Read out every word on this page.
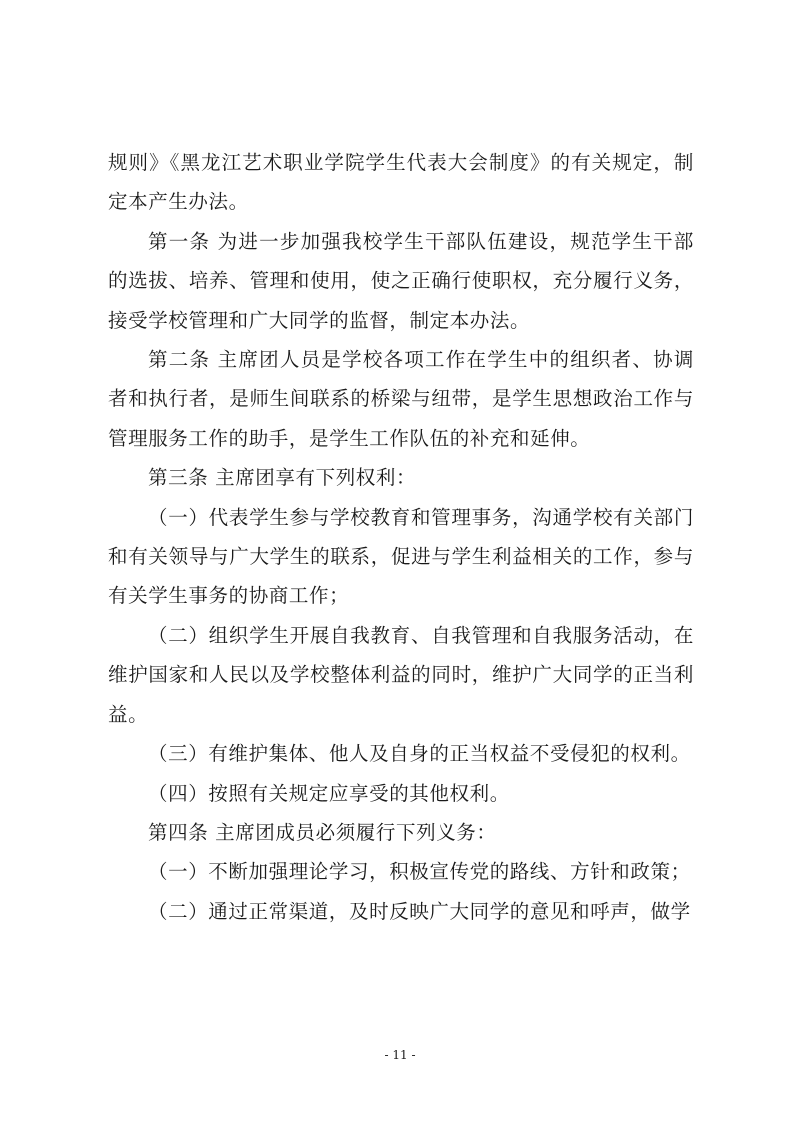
规则》《黑龙江艺术职业学院学生代表大会制度》的有关规定，制定本产生办法。

第一条 为进一步加强我校学生干部队伍建设，规范学生干部的选拔、培养、管理和使用，使之正确行使职权，充分履行义务，接受学校管理和广大同学的监督，制定本办法。

第二条 主席团人员是学校各项工作在学生中的组织者、协调者和执行者，是师生间联系的桥梁与纽带，是学生思想政治工作与管理服务工作的助手，是学生工作队伍的补充和延伸。

第三条 主席团享有下列权利：

（一）代表学生参与学校教育和管理事务，沟通学校有关部门和有关领导与广大学生的联系，促进与学生利益相关的工作，参与有关学生事务的协商工作；

（二）组织学生开展自我教育、自我管理和自我服务活动，在维护国家和人民以及学校整体利益的同时，维护广大同学的正当利益。

（三）有维护集体、他人及自身的正当权益不受侵犯的权利。

（四）按照有关规定应享受的其他权利。

第四条 主席团成员必须履行下列义务：

（一）不断加强理论学习，积极宣传党的路线、方针和政策；

（二）通过正常渠道，及时反映广大同学的意见和呼声，做学

- 11 -
